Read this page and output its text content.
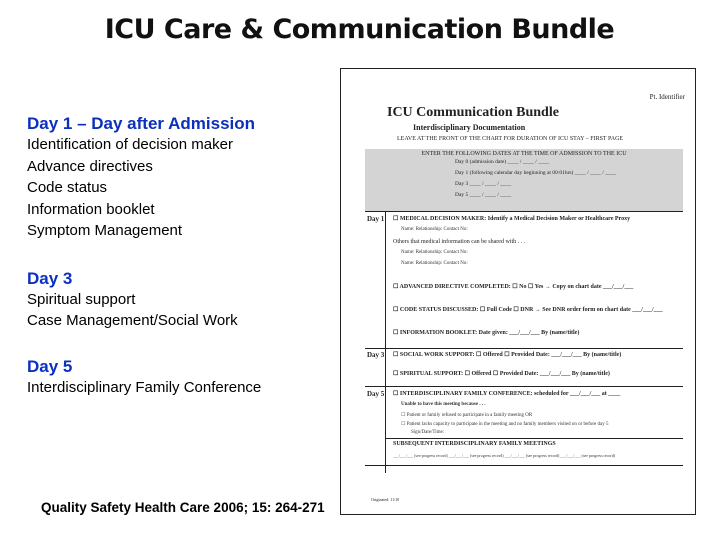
ICU Care & Communication Bundle
Day 1 – Day after Admission
Identification of decision maker
Advance directives
Code status
Information booklet
Symptom Management
Day 3
Spiritual support
Case Management/Social Work
Day 5
Interdisciplinary Family Conference
Quality Safety Health Care 2006; 15: 264-271
Pt. Identifier
ICU Communication Bundle
Interdisciplinary Documentation
LEAVE AT THE FRONT OF THE CHART FOR DURATION OF ICU STAY – FIRST PAGE
ENTER THE FOLLOWING DATES AT THE TIME OF ADMISSION TO THE ICU
Day 0 (admission date) ____ / ____ / ____
Day 1 (following calendar day beginning at 00:01hrs) ____ / ____ / ____
Day 3 ____ / ____ / ____
Day 5 ____ / ____ / ____
Day 1 ☐ MEDICAL DECISION MAKER: Identify a Medical Decision Maker or Healthcare Proxy
Name: Relationship: Contact No:
Others that medical information can be shared with . . .
Name: Relationship: Contact No:
Name: Relationship: Contact No:
☐ ADVANCED DIRECTIVE COMPLETED: ☐ No ☐ Yes → Copy on chart date ___/___/___
☐ CODE STATUS DISCUSSED: ☐ Full Code ☐ DNR → See DNR order form on chart date ___/___/___
☐ INFORMATION BOOKLET: Date given: ___/___/___ By (name/title)
Day 3 ☐ SOCIAL WORK SUPPORT: ☐ Offered ☐ Provided Date: ___/___/___ By (name/title)
☐ SPIRITUAL SUPPORT: ☐ Offered ☐ Provided Date: ___/___/___ By (name/title)
Day 5 ☐ INTERDISCIPLINARY FAMILY CONFERENCE: scheduled for ___/___/___ at ____
Unable to have this meeting because . . .
☐ Patient or family refused to participate in a family meeting OR
☐ Patient lacks capacity to participate in the meeting and no family members visited on or before day 5
Sign/Date/Time:
SUBSEQUENT INTERDISCIPLINARY FAMILY MEETINGS
___/___/___ (see progress record) ___/___/___ (see progress record) ___/___/___ (see progress record) ___/___/___ (see progress record)
Originated: 11/10
